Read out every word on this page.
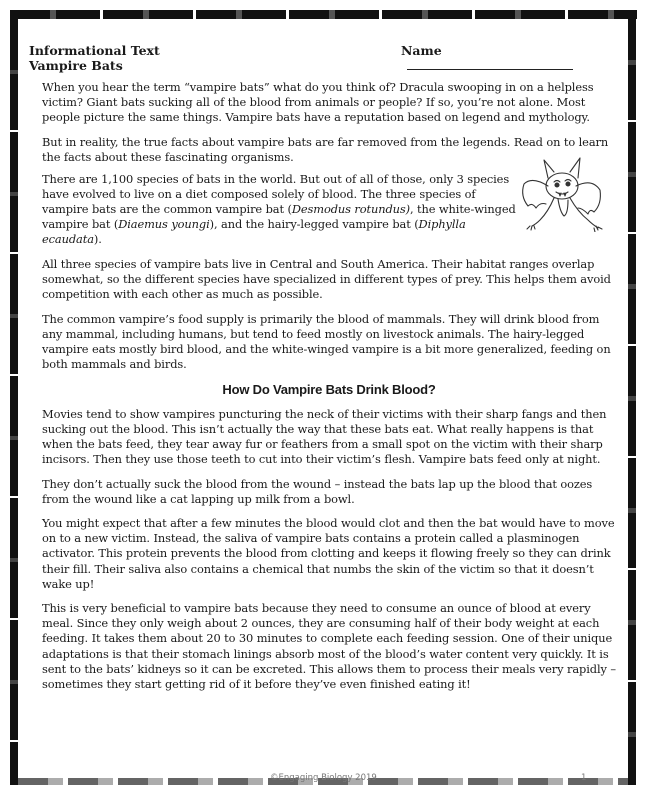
Informational Text
Vampire Bats
Name

When you hear the term “vampire bats” what do you think of? Dracula swooping in on a helpless victim? Giant bats sucking all of the blood from animals or people? If so, you’re not alone. Most people picture the same things. Vampire bats have a reputation based on legend and mythology.

But in reality, the true facts about vampire bats are far removed from the legends. Read on to learn the facts about these fascinating organisms.

There are 1,100 species of bats in the world. But out of all of those, only 3 species have evolved to live on a diet composed solely of blood. The three species of vampire bats are the common vampire bat (Desmodus rotundus), the white-winged vampire bat (Diaemus youngi), and the hairy-legged vampire bat (Diphylla ecaudata).

All three species of vampire bats live in Central and South America. Their habitat ranges overlap somewhat, so the different species have specialized in different types of prey. This helps them avoid competition with each other as much as possible.

The common vampire’s food supply is primarily the blood of mammals. They will drink blood from any mammal, including humans, but tend to feed mostly on livestock animals. The hairy-legged vampire eats mostly bird blood, and the white-winged vampire is a bit more generalized, feeding on both mammals and birds.

How Do Vampire Bats Drink Blood?

Movies tend to show vampires puncturing the neck of their victims with their sharp fangs and then sucking out the blood. This isn’t actually the way that these bats eat. What really happens is that when the bats feed, they tear away fur or feathers from a small spot on the victim with their sharp incisors. Then they use those teeth to cut into their victim’s flesh. Vampire bats feed only at night.

They don’t actually suck the blood from the wound – instead the bats lap up the blood that oozes from the wound like a cat lapping up milk from a bowl.

You might expect that after a few minutes the blood would clot and then the bat would have to move on to a new victim. Instead, the saliva of vampire bats contains a protein called a plasminogen activator. This protein prevents the blood from clotting and keeps it flowing freely so they can drink their fill. Their saliva also contains a chemical that numbs the skin of the victim so that it doesn’t wake up!

This is very beneficial to vampire bats because they need to consume an ounce of blood at every meal. Since they only weigh about 2 ounces, they are consuming half of their body weight at each feeding. It takes them about 20 to 30 minutes to complete each feeding session. One of their unique adaptations is that their stomach linings absorb most of the blood’s water content very quickly. It is sent to the bats’ kidneys so it can be excreted. This allows them to process their meals very rapidly – sometimes they start getting rid of it before they’ve even finished eating it!

©Engaging Biology 2019	1
